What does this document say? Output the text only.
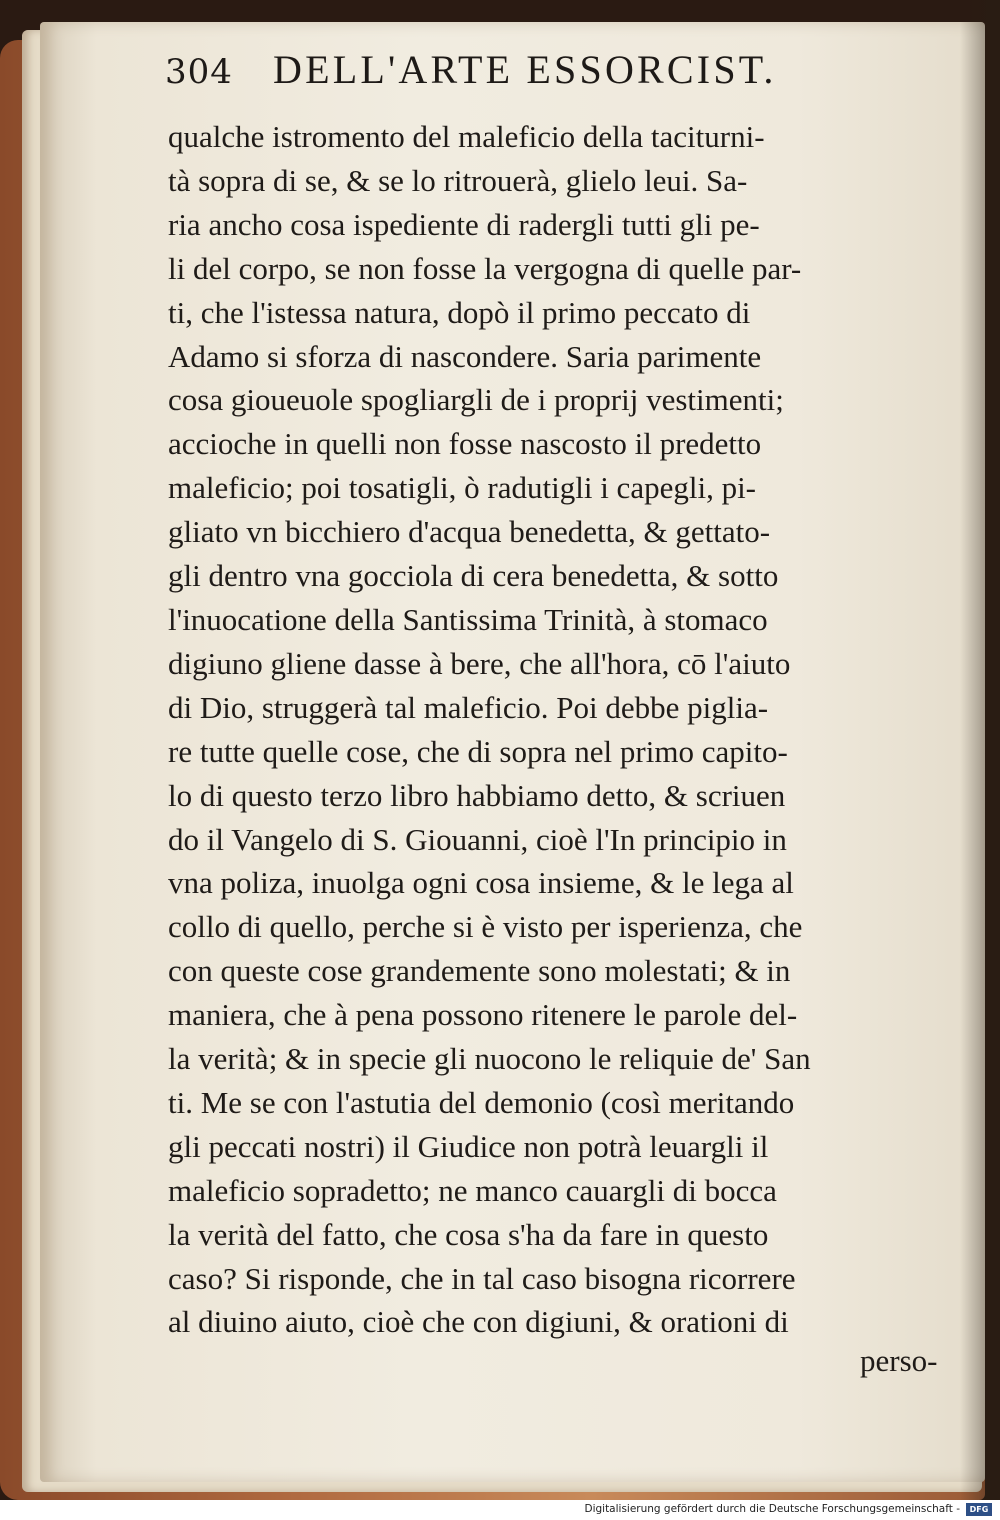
304 DELL'ARTE ESSORCIST.
qualche istromento del maleficio della taciturni-
tà sopra di se, & se lo ritrouerà, glielo leui. Sa-
ria ancho cosa ispediente di radergli tutti gli pe-
li del corpo, se non fosse la vergogna di quelle par-
ti, che l'istessa natura, dopò il primo peccato di
Adamo si sforza di nascondere. Saria parimente
cosa gioueuole spogliargli de i proprij vestimenti;
accioche in quelli non fosse nascosto il predetto
maleficio; poi tosatigli, ò radutigli i capegli, pi-
gliato vn bicchiero d'acqua benedetta, & gettato-
gli dentro vna gocciola di cera benedetta, & sotto
l'inuocatione della Santissima Trinità, à stomaco
digiuno gliene dasse à bere, che all'hora, cō l'aiuto
di Dio, struggerà tal maleficio. Poi debbe piglia-
re tutte quelle cose, che di sopra nel primo capito-
lo di questo terzo libro habbiamo detto, & scriuen
do il Vangelo di S. Giouanni, cioè l'In principio in
vna poliza, inuolga ogni cosa insieme, & le lega al
collo di quello, perche si è visto per isperienza, che
con queste cose grandemente sono molestati; & in
maniera, che à pena possono ritenere le parole del-
la verità; & in specie gli nuocono le reliquie de' San
ti. Me se con l'astutia del demonio (così meritando
gli peccati nostri) il Giudice non potrà leuargli il
maleficio sopradetto; ne manco cauargli di bocca
la verità del fatto, che cosa s'ha da fare in questo
caso? Si risponde, che in tal caso bisogna ricorrere
al diuino aiuto, cioè che con digiuni, & orationi di
perso-
Digitalisierung gefördert durch die Deutsche Forschungsgemeinschaft -	DFG
